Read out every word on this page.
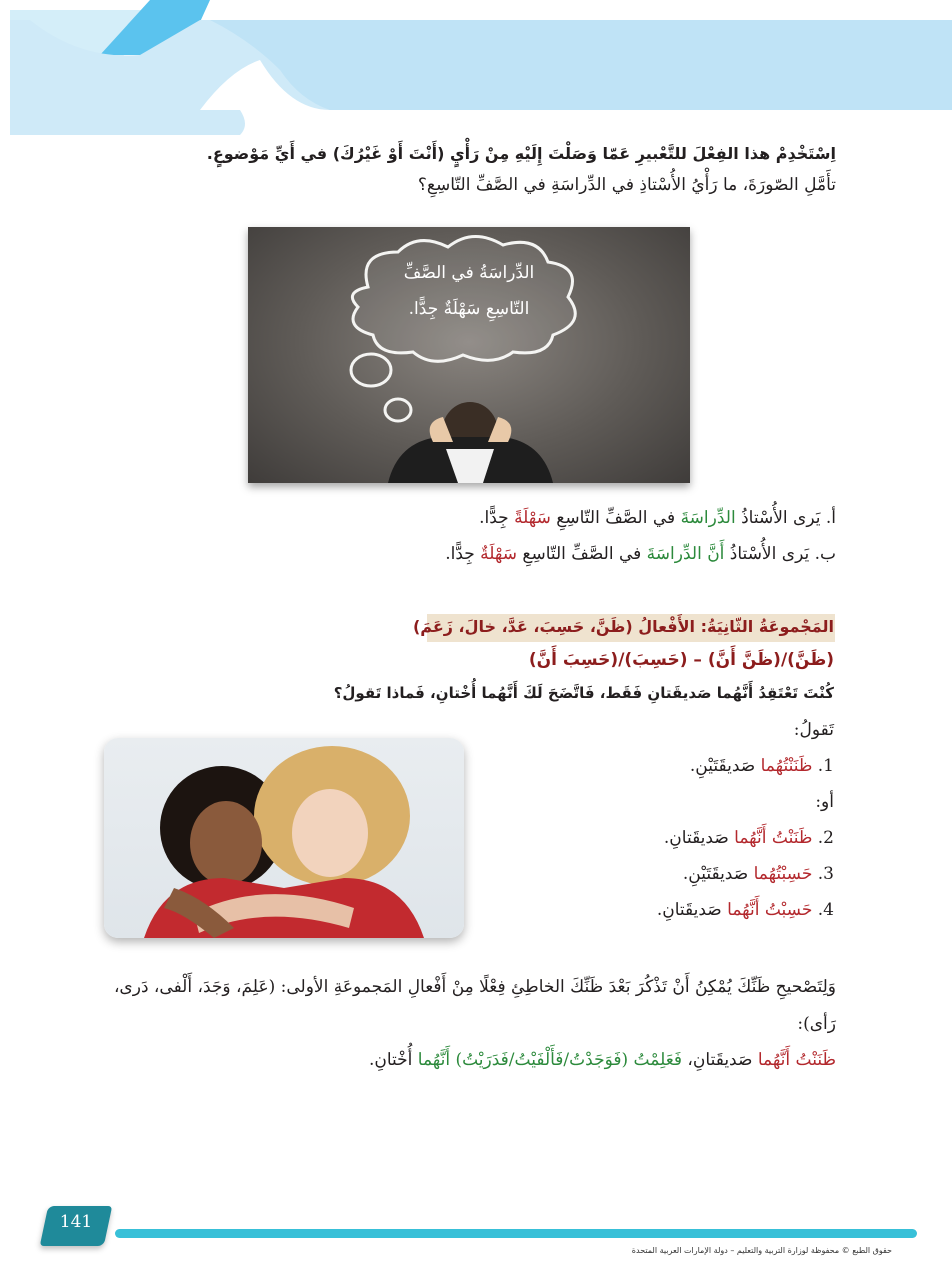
اِسْتَخْدِمْ هذا الفِعْلَ للتَّعْبيرِ عَمّا وَصَلْتَ إِلَيْهِ مِنْ رَأْيٍ (أَنْتَ أَوْ غَيْرُكَ) في أَيِّ مَوْضوعٍ.
تأَمَّلِ الصّورَةَ، ما رَأْيُ الأُسْتاذِ في الدِّراسَةِ في الصَّفِّ التّاسِعِ؟
الدِّراسَةُ في الصَّفِّ
التّاسِعِ سَهْلَةٌ جِدًّا.
أ. يَرى الأُسْتاذُ الدِّراسَةَ في الصَّفِّ التّاسِعِ سَهْلَةً جِدًّا.
ب. يَرى الأُسْتاذُ أَنَّ الدِّراسَةَ في الصَّفِّ التّاسِعِ سَهْلَةٌ جِدًّا.
المَجْموعَةُ الثّانِيَةُ: الأَفْعالُ (ظَنَّ، حَسِبَ، عَدَّ، خالَ، زَعَمَ)
(ظَنَّ)/(ظَنَّ أَنَّ) – (حَسِبَ)/(حَسِبَ أَنَّ)
كُنْتَ تَعْتَقِدُ أَنَّهُما صَديقَتانِ فَقَط، فَاتَّضَحَ لَكَ أَنَّهُما أُخْتانِ، فَماذا تَقولُ؟
تَقولُ:
1. ظَنَنْتُهُما صَديقَتَيْنِ.
أو:
2. ظَنَنْتُ أَنَّهُما صَديقَتانِ.
3. حَسِبْتُهُما صَديقَتَيْنِ.
4. حَسِبْتُ أَنَّهُما صَديقَتانِ.
وَلِتَصْحيحِ ظَنِّكَ يُمْكِنُ أَنْ تَذْكُرَ بَعْدَ ظَنِّكَ الخاطِئِ فِعْلًا مِنْ أَفْعالِ المَجموعَةِ الأولى: (عَلِمَ، وَجَدَ، أَلْفى، دَرى،
رَأى):
ظَنَنْتُ أَنَّهُما صَديقَتانِ، فَعَلِمْتُ (فَوَجَدْتُ/فَأَلْفَيْتُ/فَدَرَيْتُ) أَنَّهُما أُخْتانِ.
141
حقوق الطبع © محفوظة لوزارة التربية والتعليم – دولة الإمارات العربية المتحدة
